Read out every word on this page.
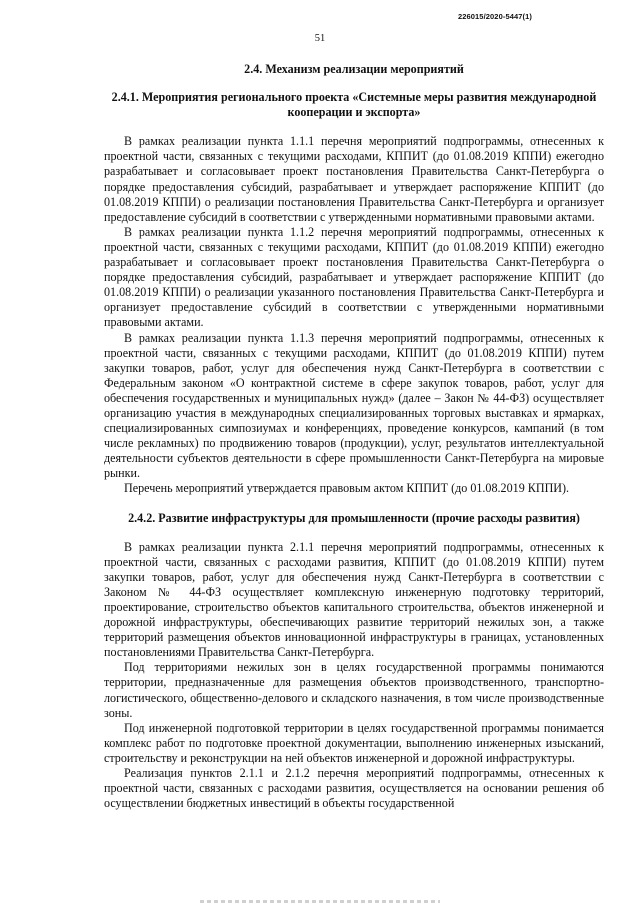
226015/2020-5447(1)
51
2.4. Механизм реализации мероприятий
2.4.1. Мероприятия регионального проекта «Системные меры развития международной кооперации и экспорта»

В рамках реализации пункта 1.1.1 перечня мероприятий подпрограммы, отнесенных к проектной части, связанных с текущими расходами, КППИТ (до 01.08.2019 КППИ) ежегодно разрабатывает и согласовывает проект постановления Правительства Санкт-Петербурга о порядке предоставления субсидий, разрабатывает и утверждает распоряжение КППИТ (до 01.08.2019 КППИ) о реализации постановления Правительства Санкт-Петербурга и организует предоставление субсидий в соответствии с утвержденными нормативными правовыми актами.

В рамках реализации пункта 1.1.2 перечня мероприятий подпрограммы, отнесенных к проектной части, связанных с текущими расходами, КППИТ (до 01.08.2019 КППИ) ежегодно разрабатывает и согласовывает проект постановления Правительства Санкт-Петербурга о порядке предоставления субсидий, разрабатывает и утверждает распоряжение КППИТ (до 01.08.2019 КППИ) о реализации указанного постановления Правительства Санкт-Петербурга и организует предоставление субсидий в соответствии с утвержденными нормативными правовыми актами.

В рамках реализации пункта 1.1.3 перечня мероприятий подпрограммы, отнесенных к проектной части, связанных с текущими расходами, КППИТ (до 01.08.2019 КППИ) путем закупки товаров, работ, услуг для обеспечения нужд Санкт-Петербурга в соответствии с Федеральным законом «О контрактной системе в сфере закупок товаров, работ, услуг для обеспечения государственных и муниципальных нужд» (далее – Закон № 44-ФЗ) осуществляет организацию участия в международных специализированных торговых выставках и ярмарках, специализированных симпозиумах и конференциях, проведение конкурсов, кампаний (в том числе рекламных) по продвижению товаров (продукции), услуг, результатов интеллектуальной деятельности субъектов деятельности в сфере промышленности Санкт-Петербурга на мировые рынки.

Перечень мероприятий утверждается правовым актом КППИТ (до 01.08.2019 КППИ).

2.4.2. Развитие инфраструктуры для промышленности (прочие расходы развития)

В рамках реализации пункта 2.1.1 перечня мероприятий подпрограммы, отнесенных к проектной части, связанных с расходами развития, КППИТ (до 01.08.2019 КППИ) путем закупки товаров, работ, услуг для обеспечения нужд Санкт-Петербурга в соответствии с Законом № 44-ФЗ осуществляет комплексную инженерную подготовку территорий, проектирование, строительство объектов капитального строительства, объектов инженерной и дорожной инфраструктуры, обеспечивающих развитие территорий нежилых зон, а также территорий размещения объектов инновационной инфраструктуры в границах, установленных постановлениями Правительства Санкт-Петербурга.

Под территориями нежилых зон в целях государственной программы понимаются территории, предназначенные для размещения объектов производственного, транспортно-логистического, общественно-делового и складского назначения, в том числе производственные зоны.

Под инженерной подготовкой территории в целях государственной программы понимается комплекс работ по подготовке проектной документации, выполнению инженерных изысканий, строительству и реконструкции на ней объектов инженерной и дорожной инфраструктуры.

Реализация пунктов 2.1.1 и 2.1.2 перечня мероприятий подпрограммы, отнесенных к проектной части, связанных с расходами развития, осуществляется на основании решения об осуществлении бюджетных инвестиций в объекты государственной
